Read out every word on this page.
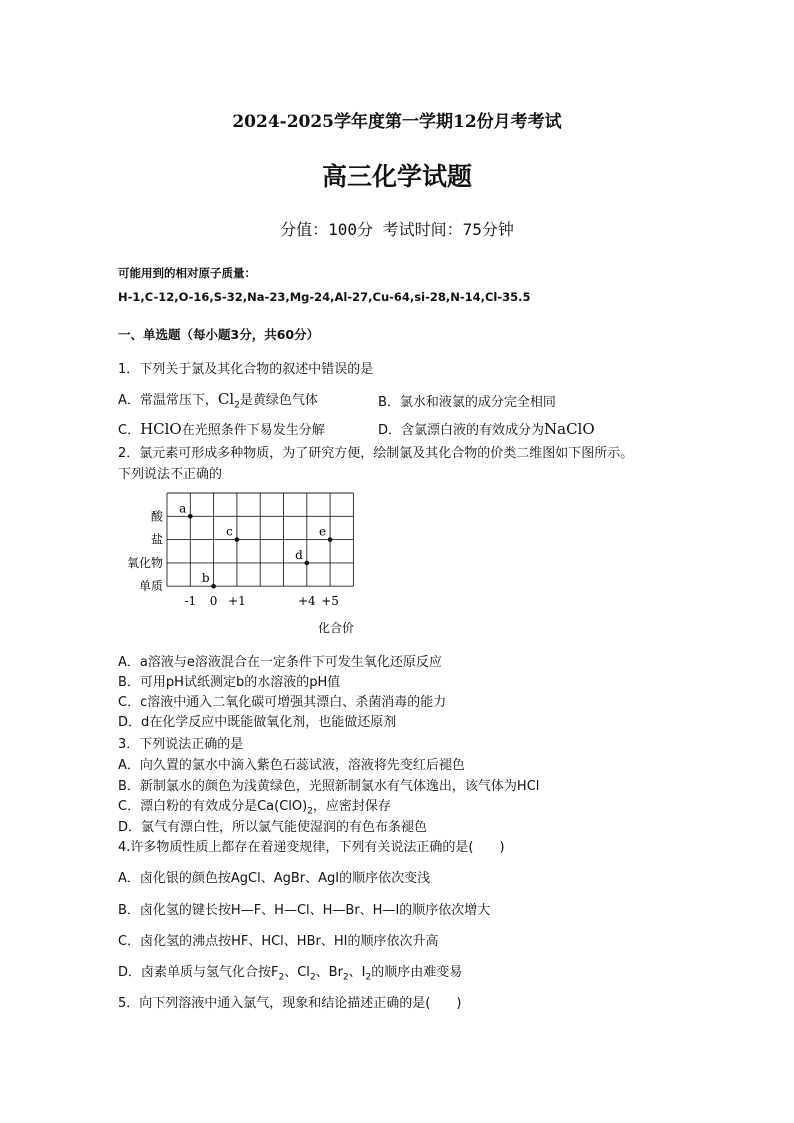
2024-2025学年度第一学期12份月考考试
高三化学试题
分值：100分 考试时间：75分钟
可能用到的相对原子质量：
H-1,C-12,O-16,S-32,Na-23,Mg-24,Al-27,Cu-64,si-28,N-14,Cl-35.5
一、单选题（每小题3分，共60分）
1．下列关于氯及其化合物的叙述中错误的是
A．常温常压下，$Cl_2$是黄绿色气体	B．氯水和液氯的成分完全相同
C．HClO在光照条件下易发生分解	D．含氯漂白液的有效成分为NaClO
2．氯元素可形成多种物质，为了研究方便，绘制氯及其化合物的价类二维图如下图所示。
下列说法不正确的
单质
氧化物
盐
酸
-1 0 +1	+4 +5
a
b
c
d
e
化合价
A．a溶液与e溶液混合在一定条件下可发生氧化还原反应
B．可用pH试纸测定b的水溶液的pH值
C．c溶液中通入二氧化碳可增强其漂白、杀菌消毒的能力
D．d在化学反应中既能做氧化剂，也能做还原剂
3．下列说法正确的是
A．向久置的氯水中滴入紫色石蕊试液，溶液将先变红后褪色
B．新制氯水的颜色为浅黄绿色，光照新制氯水有气体逸出，该气体为HCl
C．漂白粉的有效成分是$Ca(ClO)_2$，应密封保存
D．氯气有漂白性，所以氯气能使湿润的有色布条褪色
4.许多物质性质上都存在着递变规律，下列有关说法正确的是(　　)
A．卤化银的颜色按AgCl、AgBr、AgI的顺序依次变浅
B．卤化氢的键长按H—F、H—Cl、H—Br、H—I的顺序依次增大
C．卤化氢的沸点按HF、HCl、HBr、HI的顺序依次升高
D．卤素单质与氢气化合按$F_2$、$Cl_2$、$Br_2$、$I_2$的顺序由难变易
5．向下列溶液中通入氯气，现象和结论描述正确的是(　　)
